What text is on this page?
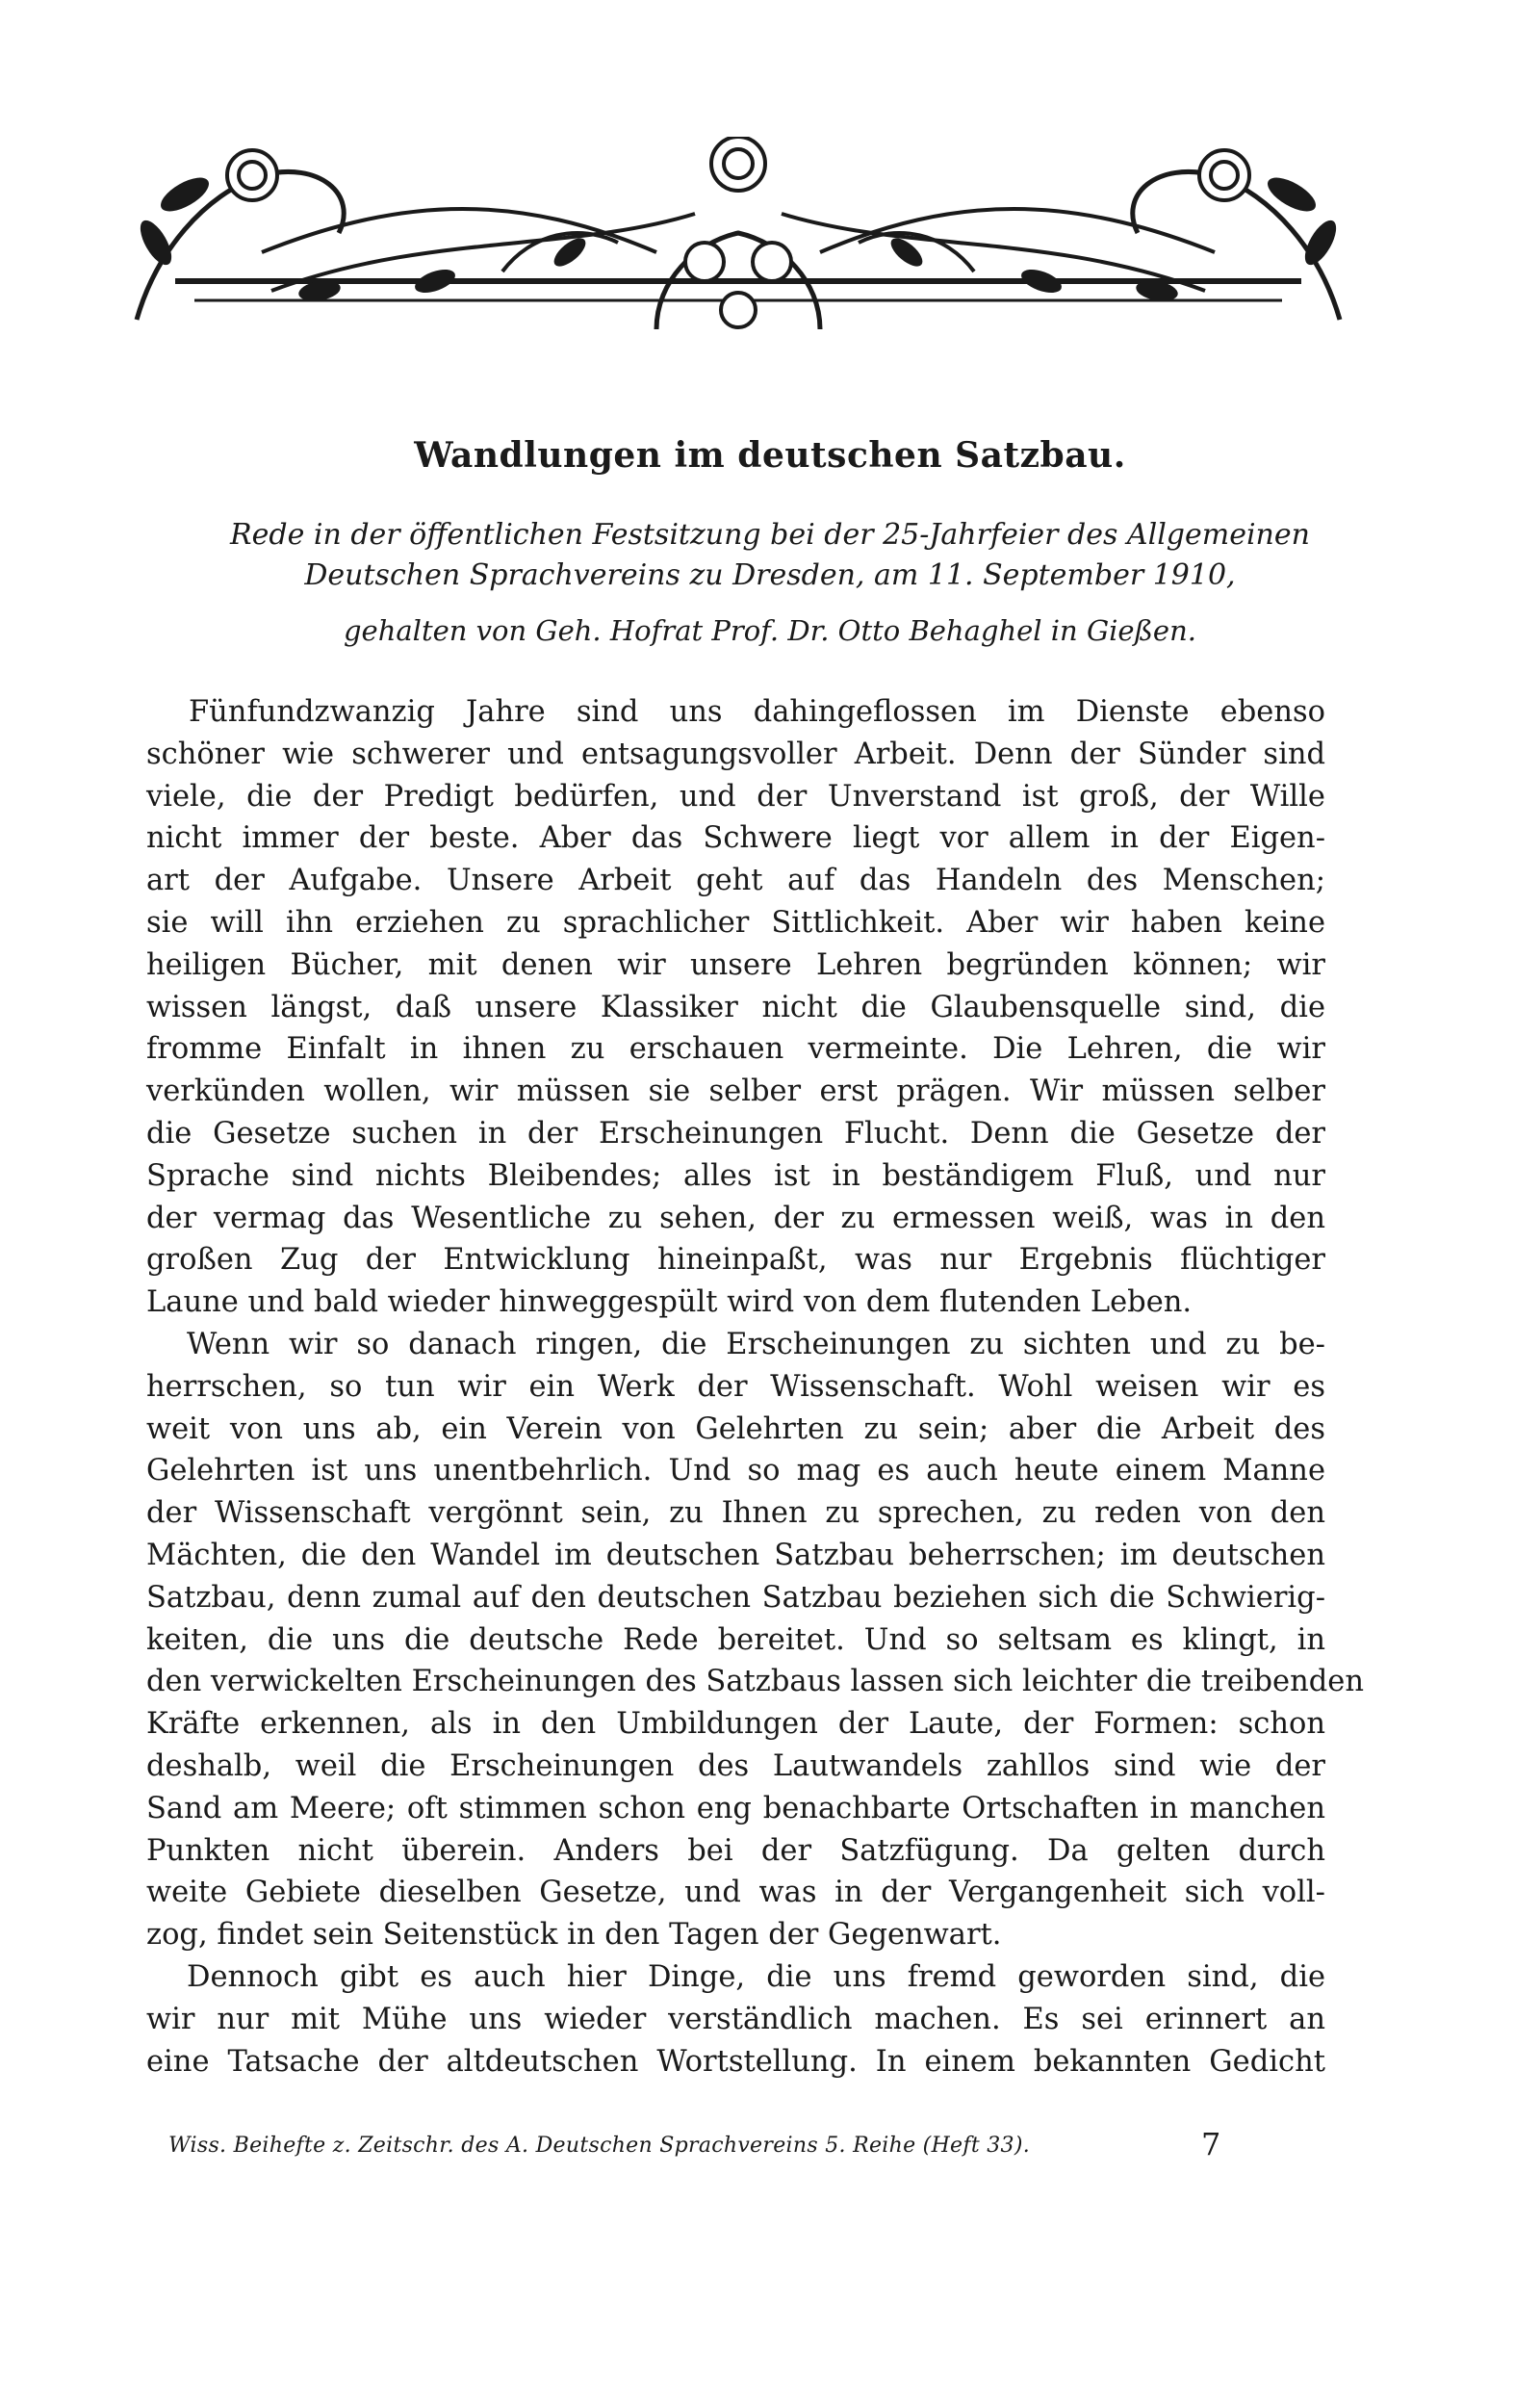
Wandlungen im deutschen Satzbau.
Rede in der öffentlichen Festsitzung bei der 25-Jahrfeier des Allgemeinen
Deutschen Sprachvereins zu Dresden, am 11. September 1910,
gehalten von Geh. Hofrat Prof. Dr. Otto Behaghel in Gießen.
Fünfundzwanzig Jahre sind uns dahingeflossen im Dienste ebenso
schöner wie schwerer und entsagungsvoller Arbeit. Denn der Sünder sind
viele, die der Predigt bedürfen, und der Unverstand ist groß, der Wille
nicht immer der beste. Aber das Schwere liegt vor allem in der Eigen-
art der Aufgabe. Unsere Arbeit geht auf das Handeln des Menschen;
sie will ihn erziehen zu sprachlicher Sittlichkeit. Aber wir haben keine
heiligen Bücher, mit denen wir unsere Lehren begründen können; wir
wissen längst, daß unsere Klassiker nicht die Glaubensquelle sind, die
fromme Einfalt in ihnen zu erschauen vermeinte. Die Lehren, die wir
verkünden wollen, wir müssen sie selber erst prägen. Wir müssen selber
die Gesetze suchen in der Erscheinungen Flucht. Denn die Gesetze der
Sprache sind nichts Bleibendes; alles ist in beständigem Fluß, und nur
der vermag das Wesentliche zu sehen, der zu ermessen weiß, was in den
großen Zug der Entwicklung hineinpaßt, was nur Ergebnis flüchtiger
Laune und bald wieder hinweggespült wird von dem flutenden Leben.
Wenn wir so danach ringen, die Erscheinungen zu sichten und zu be-
herrschen, so tun wir ein Werk der Wissenschaft. Wohl weisen wir es
weit von uns ab, ein Verein von Gelehrten zu sein; aber die Arbeit des
Gelehrten ist uns unentbehrlich. Und so mag es auch heute einem Manne
der Wissenschaft vergönnt sein, zu Ihnen zu sprechen, zu reden von den
Mächten, die den Wandel im deutschen Satzbau beherrschen; im deutschen
Satzbau, denn zumal auf den deutschen Satzbau beziehen sich die Schwierig-
keiten, die uns die deutsche Rede bereitet. Und so seltsam es klingt, in
den verwickelten Erscheinungen des Satzbaus lassen sich leichter die treibenden
Kräfte erkennen, als in den Umbildungen der Laute, der Formen: schon
deshalb, weil die Erscheinungen des Lautwandels zahllos sind wie der
Sand am Meere; oft stimmen schon eng benachbarte Ortschaften in manchen
Punkten nicht überein. Anders bei der Satzfügung. Da gelten durch
weite Gebiete dieselben Gesetze, und was in der Vergangenheit sich voll-
zog, findet sein Seitenstück in den Tagen der Gegenwart.
Dennoch gibt es auch hier Dinge, die uns fremd geworden sind, die
wir nur mit Mühe uns wieder verständlich machen. Es sei erinnert an
eine Tatsache der altdeutschen Wortstellung. In einem bekannten Gedicht
Wiss. Beihefte z. Zeitschr. des A. Deutschen Sprachvereins 5. Reihe (Heft 33).	7
